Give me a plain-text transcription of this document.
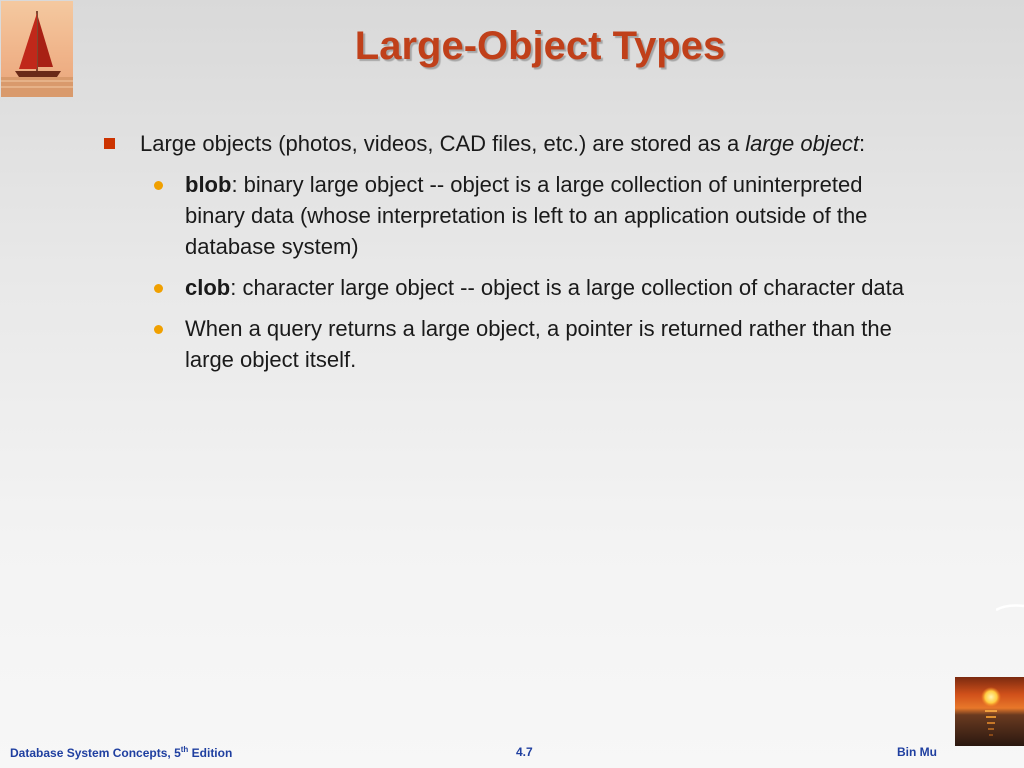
Large-Object Types
Large objects (photos, videos, CAD files, etc.) are stored as a large object:
blob: binary large object -- object is a large collection of uninterpreted binary data (whose interpretation is left to an application outside of the database system)
clob: character large object -- object is a large collection of character data
When a query returns a large object, a pointer is returned rather than the large object itself.
Database System Concepts, 5th Edition	4.7	Bin Mu
